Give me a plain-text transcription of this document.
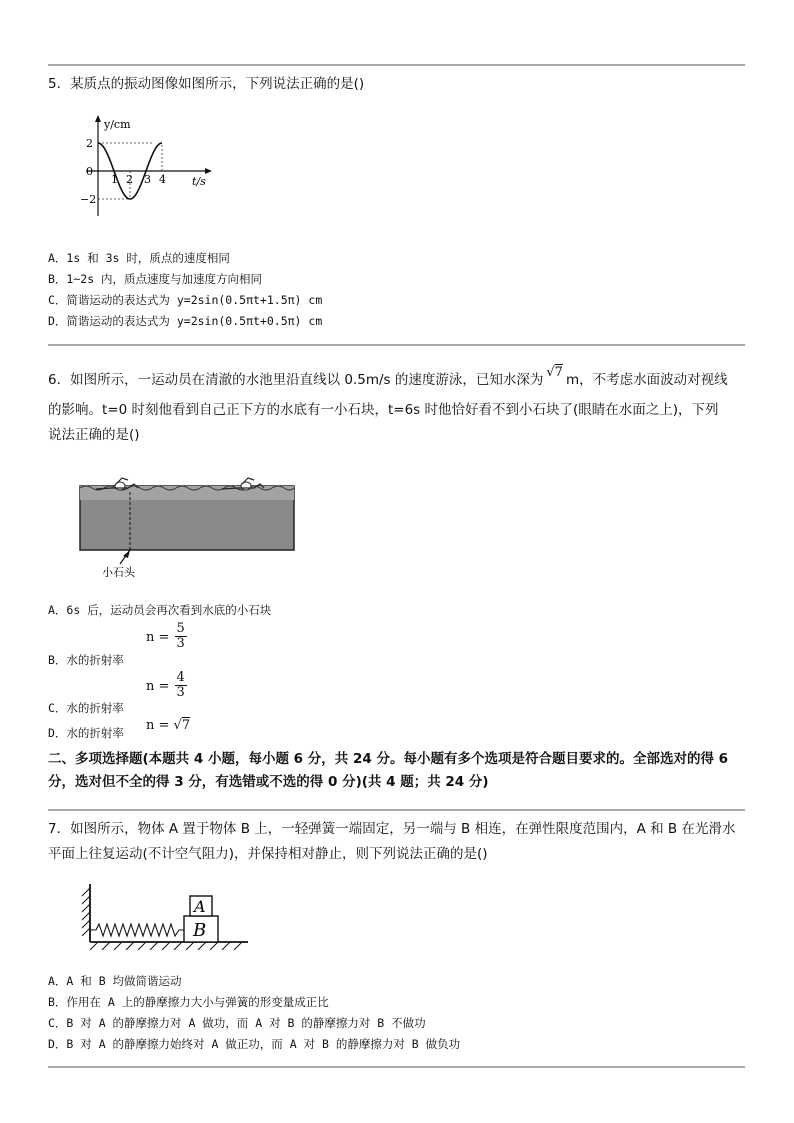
5．某质点的振动图像如图所示，下列说法正确的是()
y/cm
t/s
2
0
−2
1 2 3 4
A．1s 和 3s 时，质点的速度相同
B．1~2s 内，质点速度与加速度方向相同
C．简谐运动的表达式为 y=2sin(0.5πt+1.5π) cm
D．简谐运动的表达式为 y=2sin(0.5πt+0.5π) cm
6．如图所示，一运动员在清澈的水池里沿直线以 0.5m/s 的速度游泳，已知水深为 √7 m，不考虑水面波动对视线
的影响。t=0 时刻他看到自己正下方的水底有一小石块，t=6s 时他恰好看不到小石块了(眼睛在水面之上)，下列
说法正确的是()
小石头
A．6s 后，运动员会再次看到水底的小石块
$n = \frac{5}{3}$
B．水的折射率
$n = \frac{4}{3}$
C．水的折射率
n = √7
D．水的折射率
二、多项选择题(本题共 4 小题，每小题 6 分，共 24 分。每小题有多个选项是符合题目要求的。全部选对的得 6
分，选对但不全的得 3 分，有选错或不选的得 0 分)(共 4 题；共 24 分)
7．如图所示，物体 A 置于物体 B 上，一轻弹簧一端固定，另一端与 B 相连，在弹性限度范围内，A 和 B 在光滑水
平面上往复运动(不计空气阻力)，并保持相对静止，则下列说法正确的是()
B
A
A．A 和 B 均做简谐运动
B．作用在 A 上的静摩擦力大小与弹簧的形变量成正比
C．B 对 A 的静摩擦力对 A 做功，而 A 对 B 的静摩擦力对 B 不做功
D．B 对 A 的静摩擦力始终对 A 做正功，而 A 对 B 的静摩擦力对 B 做负功
